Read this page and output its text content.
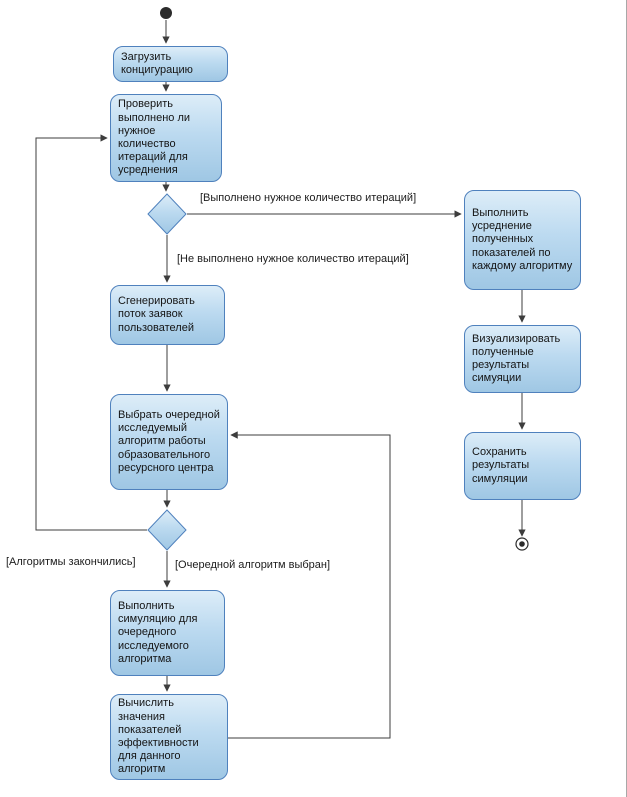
Загрузить концигурацию
Проверить выполнено ли нужное количество итераций для усреднения
Сгенерировать поток заявок пользователей
Выбрать очередной исследуемый алгоритм работы образовательного ресурсного центра
Выполнить симуляцию для очередного исследуемого алгоритма
Вычислить значения показателей эффективности для данного алгоритм
Выполнить усреднение полученных показателей по каждому алгоритму
Визуализировать полученные результаты симуяции
Сохранить результаты симуляции
[Выполнено нужное количество итераций]
[Не выполнено нужное количество итераций]
[Алгоритмы закончились]	[Очередной алгоритм выбран]
